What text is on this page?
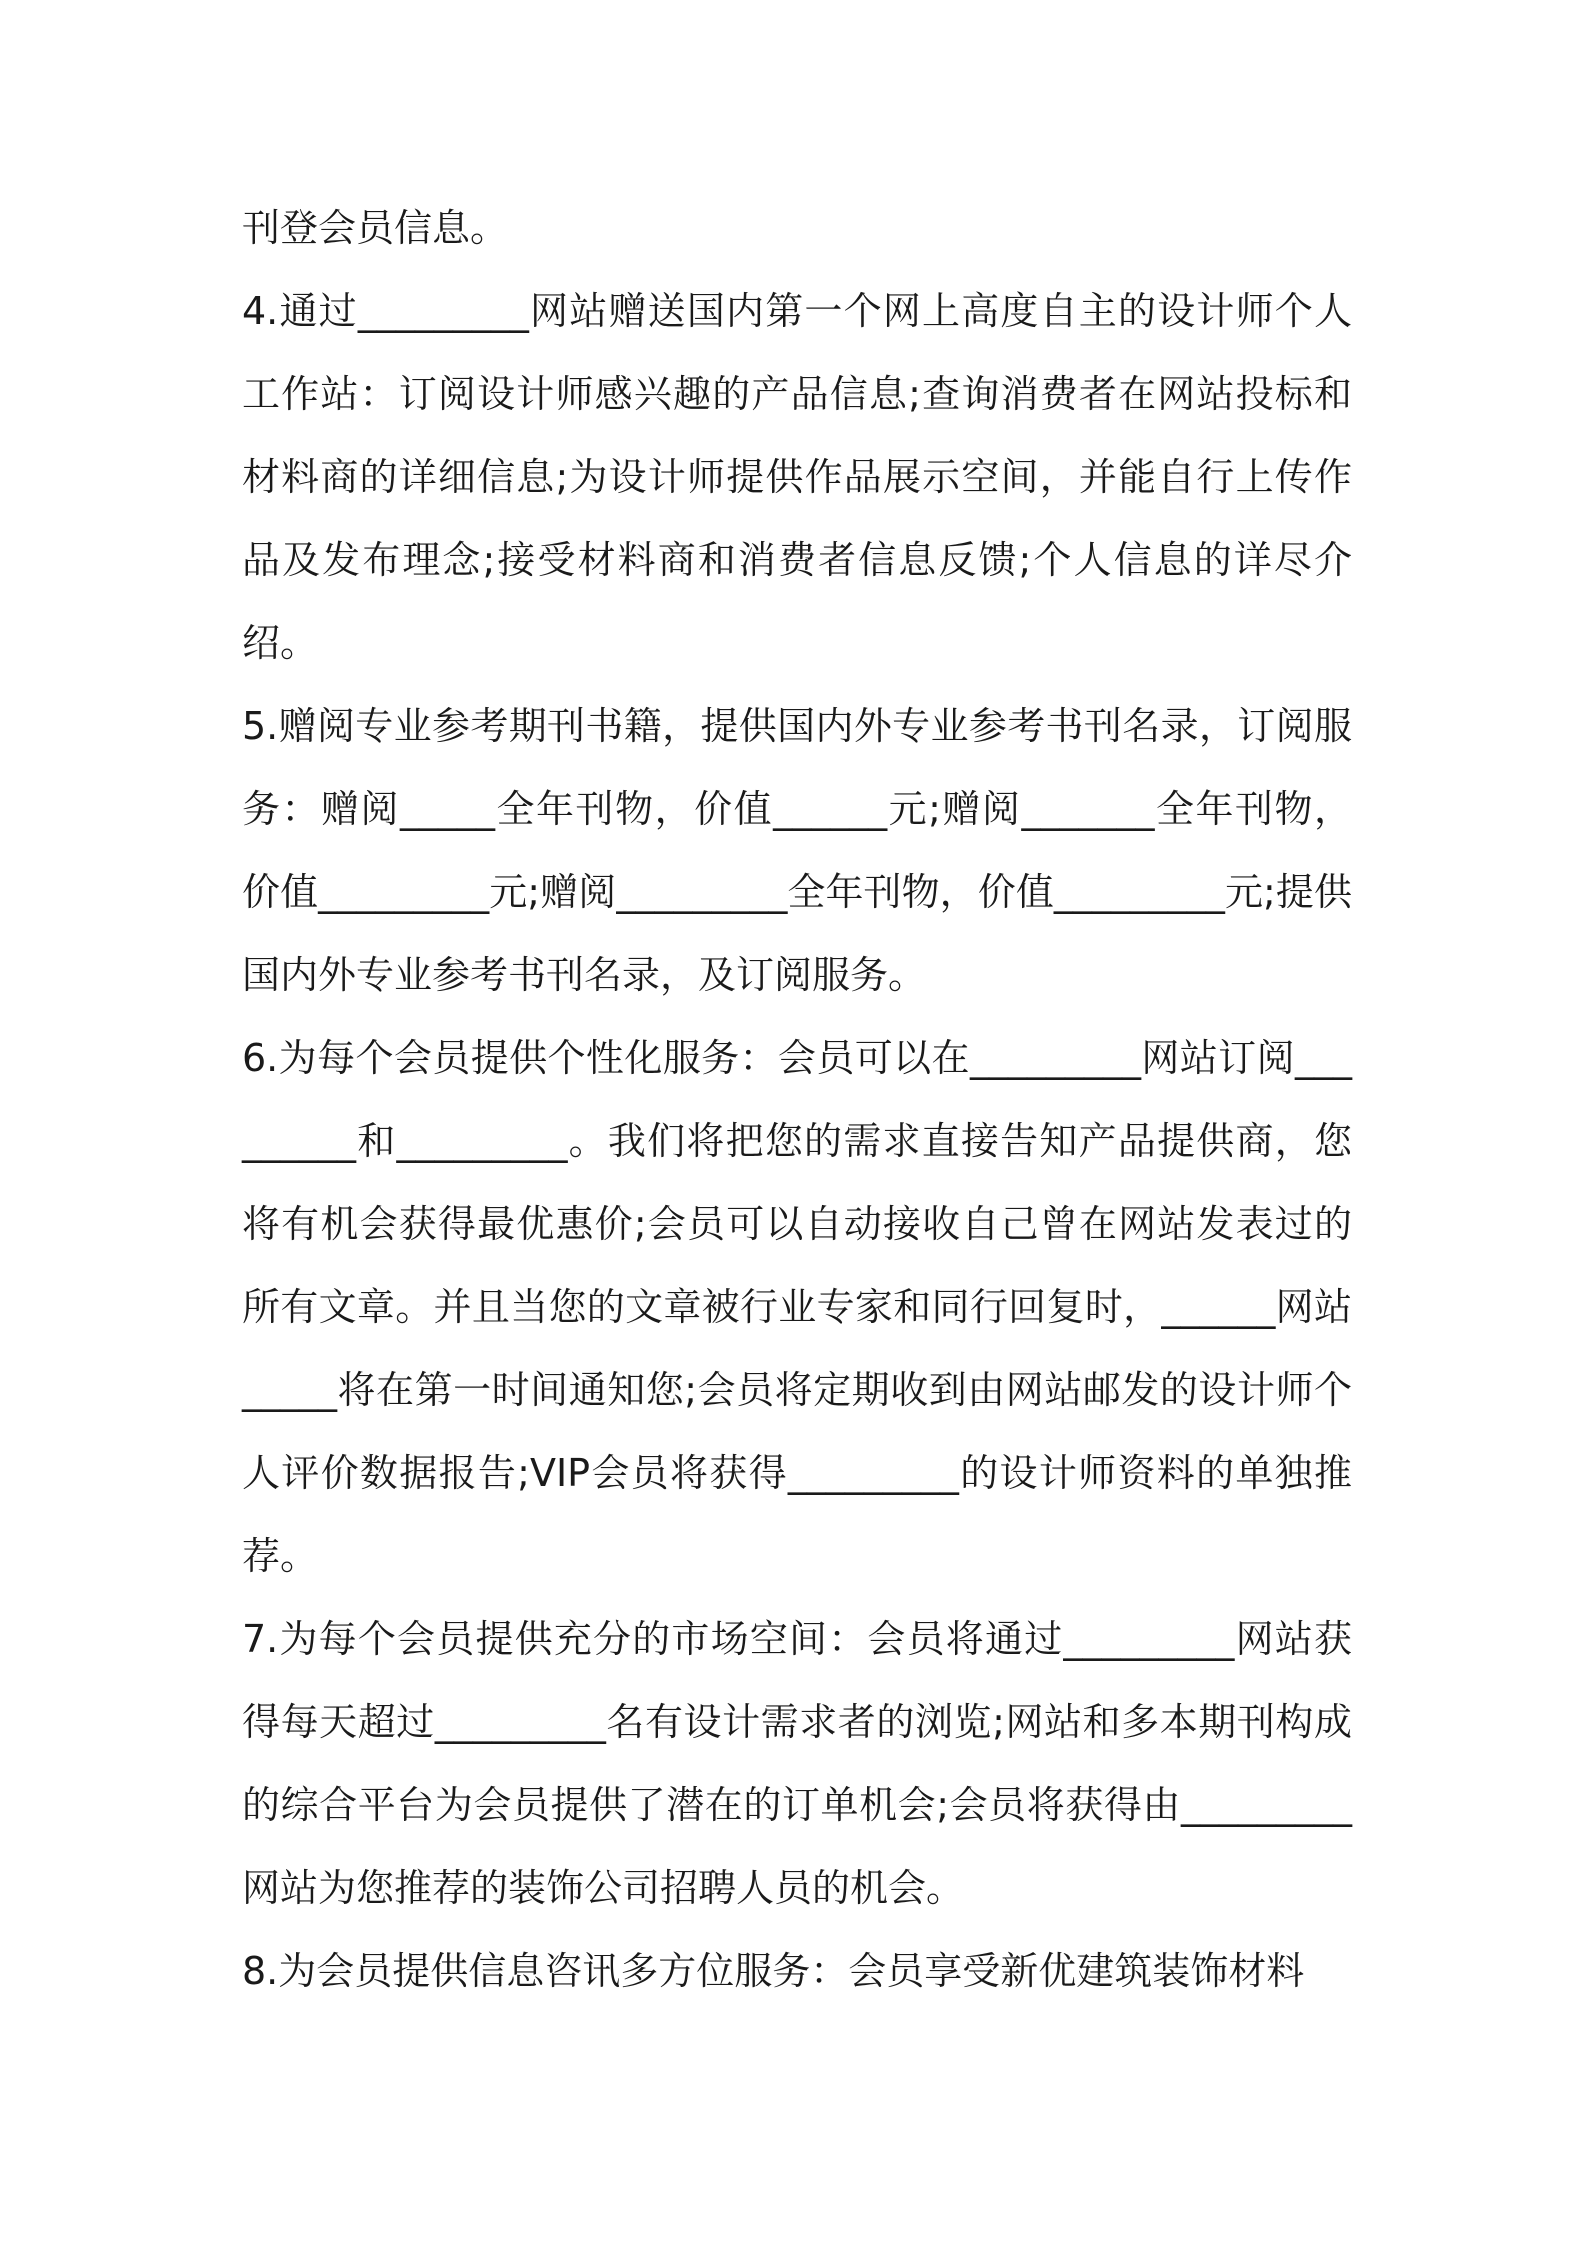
刊登会员信息。

4.通过_________网站赠送国内第一个网上高度自主的设计师个人工作站：订阅设计师感兴趣的产品信息;查询消费者在网站投标和材料商的详细信息;为设计师提供作品展示空间，并能自行上传作品及发布理念;接受材料商和消费者信息反馈;个人信息的详尽介绍。

5.赠阅专业参考期刊书籍，提供国内外专业参考书刊名录，订阅服务：赠阅_____全年刊物，价值______元;赠阅_______全年刊物，价值_________元;赠阅_________全年刊物，价值_________元;提供国内外专业参考书刊名录，及订阅服务。

6.为每个会员提供个性化服务：会员可以在_________网站订阅_________和_________。我们将把您的需求直接告知产品提供商，您将有机会获得最优惠价;会员可以自动接收自己曾在网站发表过的所有文章。并且当您的文章被行业专家和同行回复时，______网站_____将在第一时间通知您;会员将定期收到由网站邮发的设计师个人评价数据报告;VIP会员将获得_________的设计师资料的单独推荐。

7.为每个会员提供充分的市场空间：会员将通过_________网站获得每天超过_________名有设计需求者的浏览;网站和多本期刊构成的综合平台为会员提供了潜在的订单机会;会员将获得由_________网站为您推荐的装饰公司招聘人员的机会。

8.为会员提供信息咨讯多方位服务：会员享受新优建筑装饰材料
